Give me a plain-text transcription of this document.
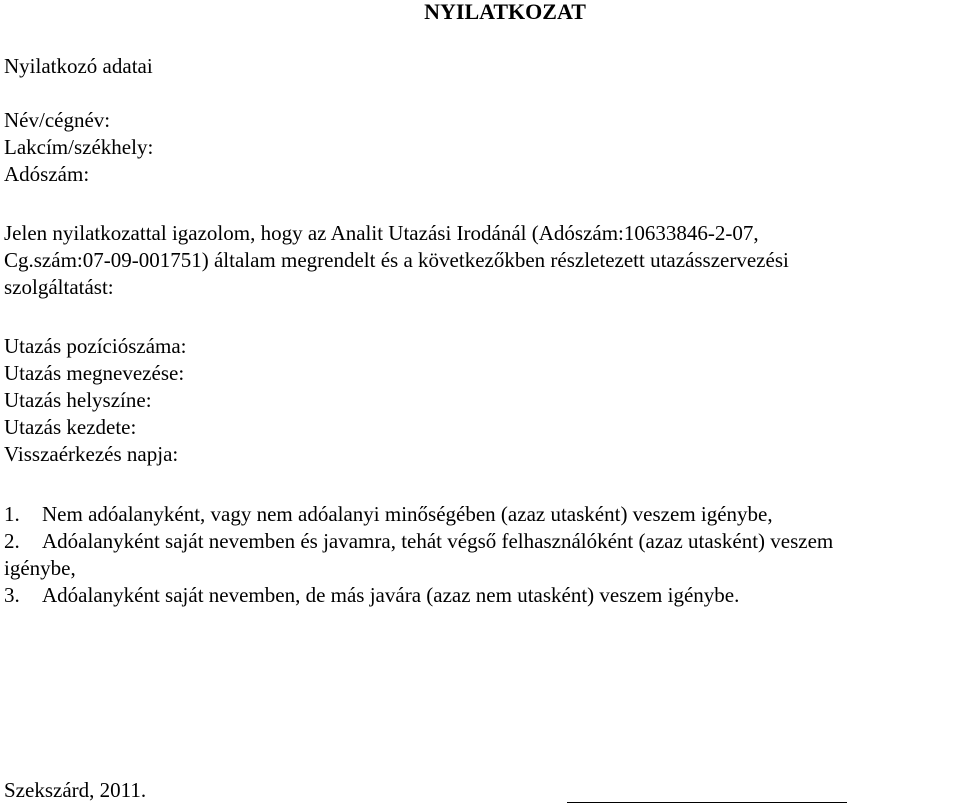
NYILATKOZAT
Nyilatkozó adatai
Név/cégnév:
Lakcím/székhely:
Adószám:
Jelen nyilatkozattal igazolom, hogy az Analit Utazási Irodánál (Adószám:10633846-2-07,
Cg.szám:07-09-001751) általam megrendelt és a következőkben részletezett utazásszervezési
szolgáltatást:
Utazás pozíciószáma:
Utazás megnevezése:
Utazás helyszíne:
Utazás kezdete:
Visszaérkezés napja:
1. Nem adóalanyként, vagy nem adóalanyi minőségében (azaz utasként) veszem igénybe,
2. Adóalanyként saját nevemben és javamra, tehát végső felhasználóként (azaz utasként) veszem
igénybe,
3. Adóalanyként saját nevemben, de más javára (azaz nem utasként) veszem igénybe.
Szekszárd, 2011.
